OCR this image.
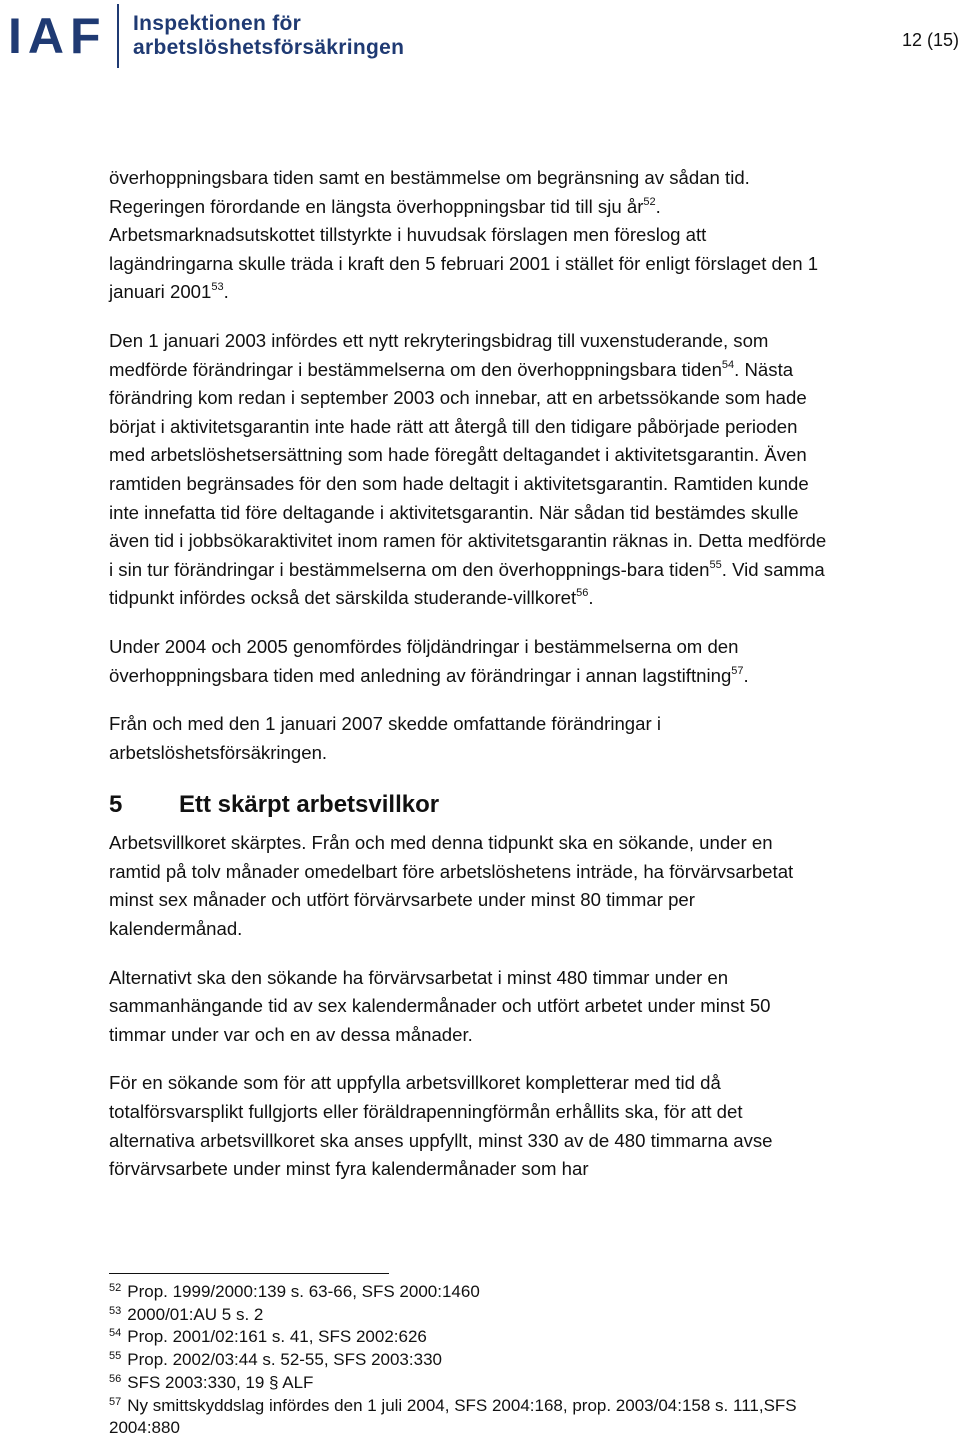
IAF Inspektionen för
arbetslöshetsförsäkringen	12 (15)

överhoppningsbara tiden samt en bestämmelse om begränsning av sådan tid. Regeringen förordande en längsta överhoppningsbar tid till sju $år^{52}$. Arbetsmarknadsutskottet tillstyrkte i huvudsak förslagen men föreslog att lagändringarna skulle träda i kraft den 5 februari 2001 i stället för enligt förslaget den 1 januari 2001$^{53}$.

Den 1 januari 2003 infördes ett nytt rekryteringsbidrag till vuxenstuderande, som medförde förändringar i bestämmelserna om den överhoppningsbara tiden$^{54}$. Nästa förändring kom redan i september 2003 och innebar, att en arbetssökande som hade börjat i aktivitetsgarantin inte hade rätt att återgå till den tidigare påbörjade perioden med arbetslöshetsersättning som hade föregått deltagandet i aktivitetsgarantin. Även ramtiden begränsades för den som hade deltagit i aktivitetsgarantin. Ramtiden kunde inte innefatta tid före deltagande i aktivitetsgarantin. När sådan tid bestämdes skulle även tid i jobbsökaraktivitet inom ramen för aktivitetsgarantin räknas in. Detta medförde i sin tur förändringar i bestämmelserna om den överhoppnings-bara tiden$^{55}$. Vid samma tidpunkt infördes också det särskilda studerande-villkoret$^{56}$.

Under 2004 och 2005 genomfördes följdändringar i bestämmelserna om den överhoppningsbara tiden med anledning av förändringar i annan lagstiftning$^{57}$.

Från och med den 1 januari 2007 skedde omfattande förändringar i arbetslöshetsförsäkringen.

5 Ett skärpt arbetsvillkor

Arbetsvillkoret skärptes. Från och med denna tidpunkt ska en sökande, under en ramtid på tolv månader omedelbart före arbetslöshetens inträde, ha förvärvsarbetat minst sex månader och utfört förvärvsarbete under minst 80 timmar per kalendermånad.

Alternativt ska den sökande ha förvärvsarbetat i minst 480 timmar under en sammanhängande tid av sex kalendermånader och utfört arbetet under minst 50 timmar under var och en av dessa månader.

För en sökande som för att uppfylla arbetsvillkoret kompletterar med tid då totalförsvarsplikt fullgjorts eller föräldrapenningförmån erhållits ska, för att det alternativa arbetsvillkoret ska anses uppfyllt, minst 330 av de 480 timmarna avse förvärvsarbete under minst fyra kalendermånader som har

$^{52}$ Prop. 1999/2000:139 s. 63-66, SFS 2000:1460
$^{53}$ 2000/01:AU 5 s. 2
$^{54}$ Prop. 2001/02:161 s. 41, SFS 2002:626
$^{55}$ Prop. 2002/03:44 s. 52-55, SFS 2003:330
$^{56}$ SFS 2003:330, 19 § ALF
$^{57}$ Ny smittskyddslag infördes den 1 juli 2004, SFS 2004:168, prop. 2003/04:158 s. 111,SFS 2004:880
